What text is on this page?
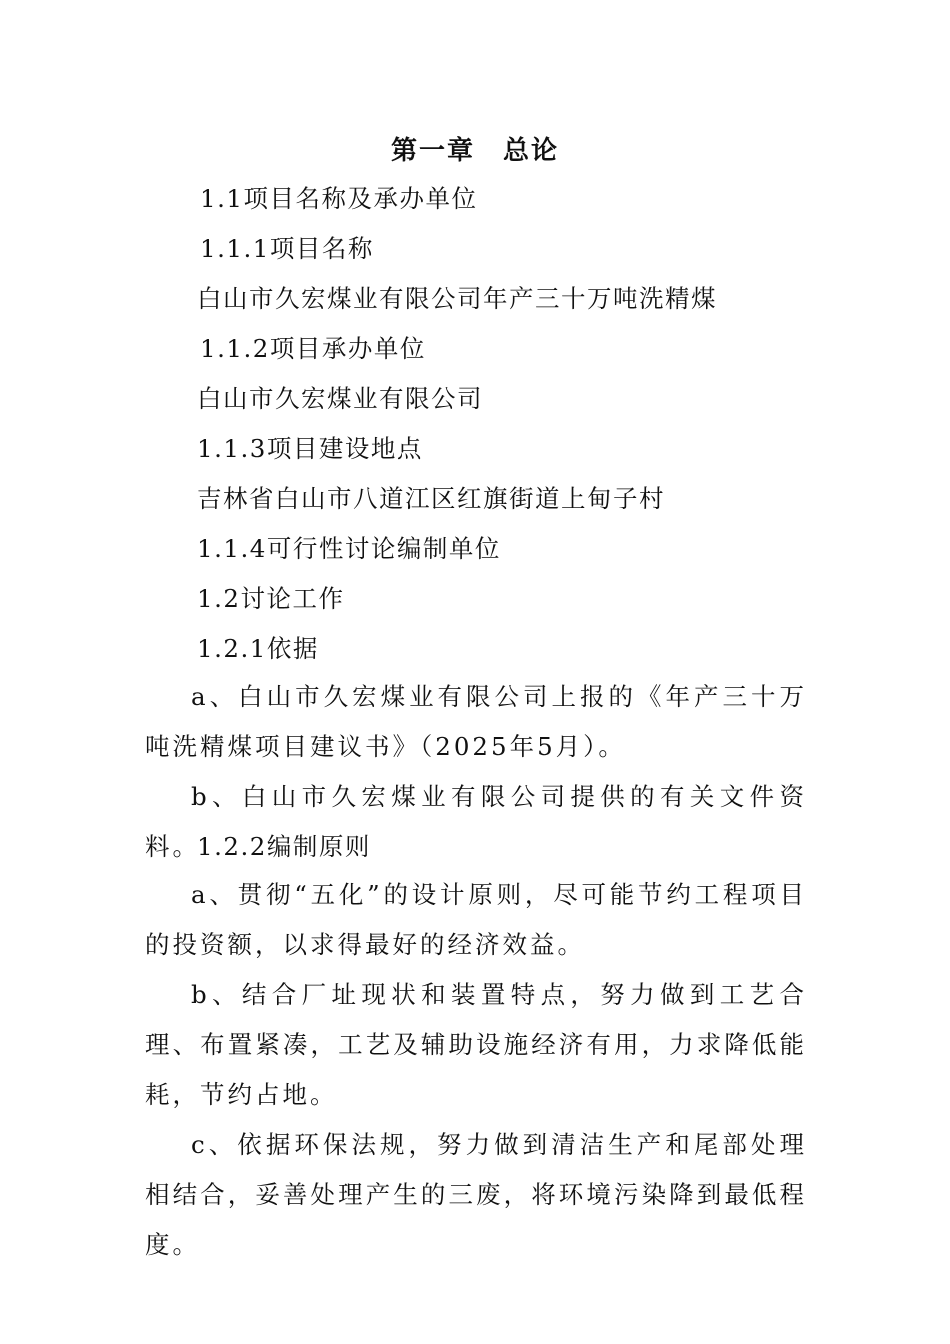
第一章　总论
1.1项目名称及承办单位
1.1.1项目名称
白山市久宏煤业有限公司年产三十万吨洗精煤
1.1.2项目承办单位
白山市久宏煤业有限公司
1.1.3项目建设地点
吉林省白山市八道江区红旗街道上甸子村
1.1.4可行性讨论编制单位
1.2讨论工作
1.2.1依据
a、白山市久宏煤业有限公司上报的《年产三十万吨洗精煤项目建议书》（2025年5月）。
b、白山市久宏煤业有限公司提供的有关文件资料。
1.2.2编制原则
a、贯彻“五化”的设计原则，尽可能节约工程项目的投资额，以求得最好的经济效益。
b、结合厂址现状和装置特点，努力做到工艺合理、布置紧凑，工艺及辅助设施经济有用，力求降低能耗，节约占地。
c、依据环保法规，努力做到清洁生产和尾部处理相结合，妥善处理产生的三废，将环境污染降到最低程度。
